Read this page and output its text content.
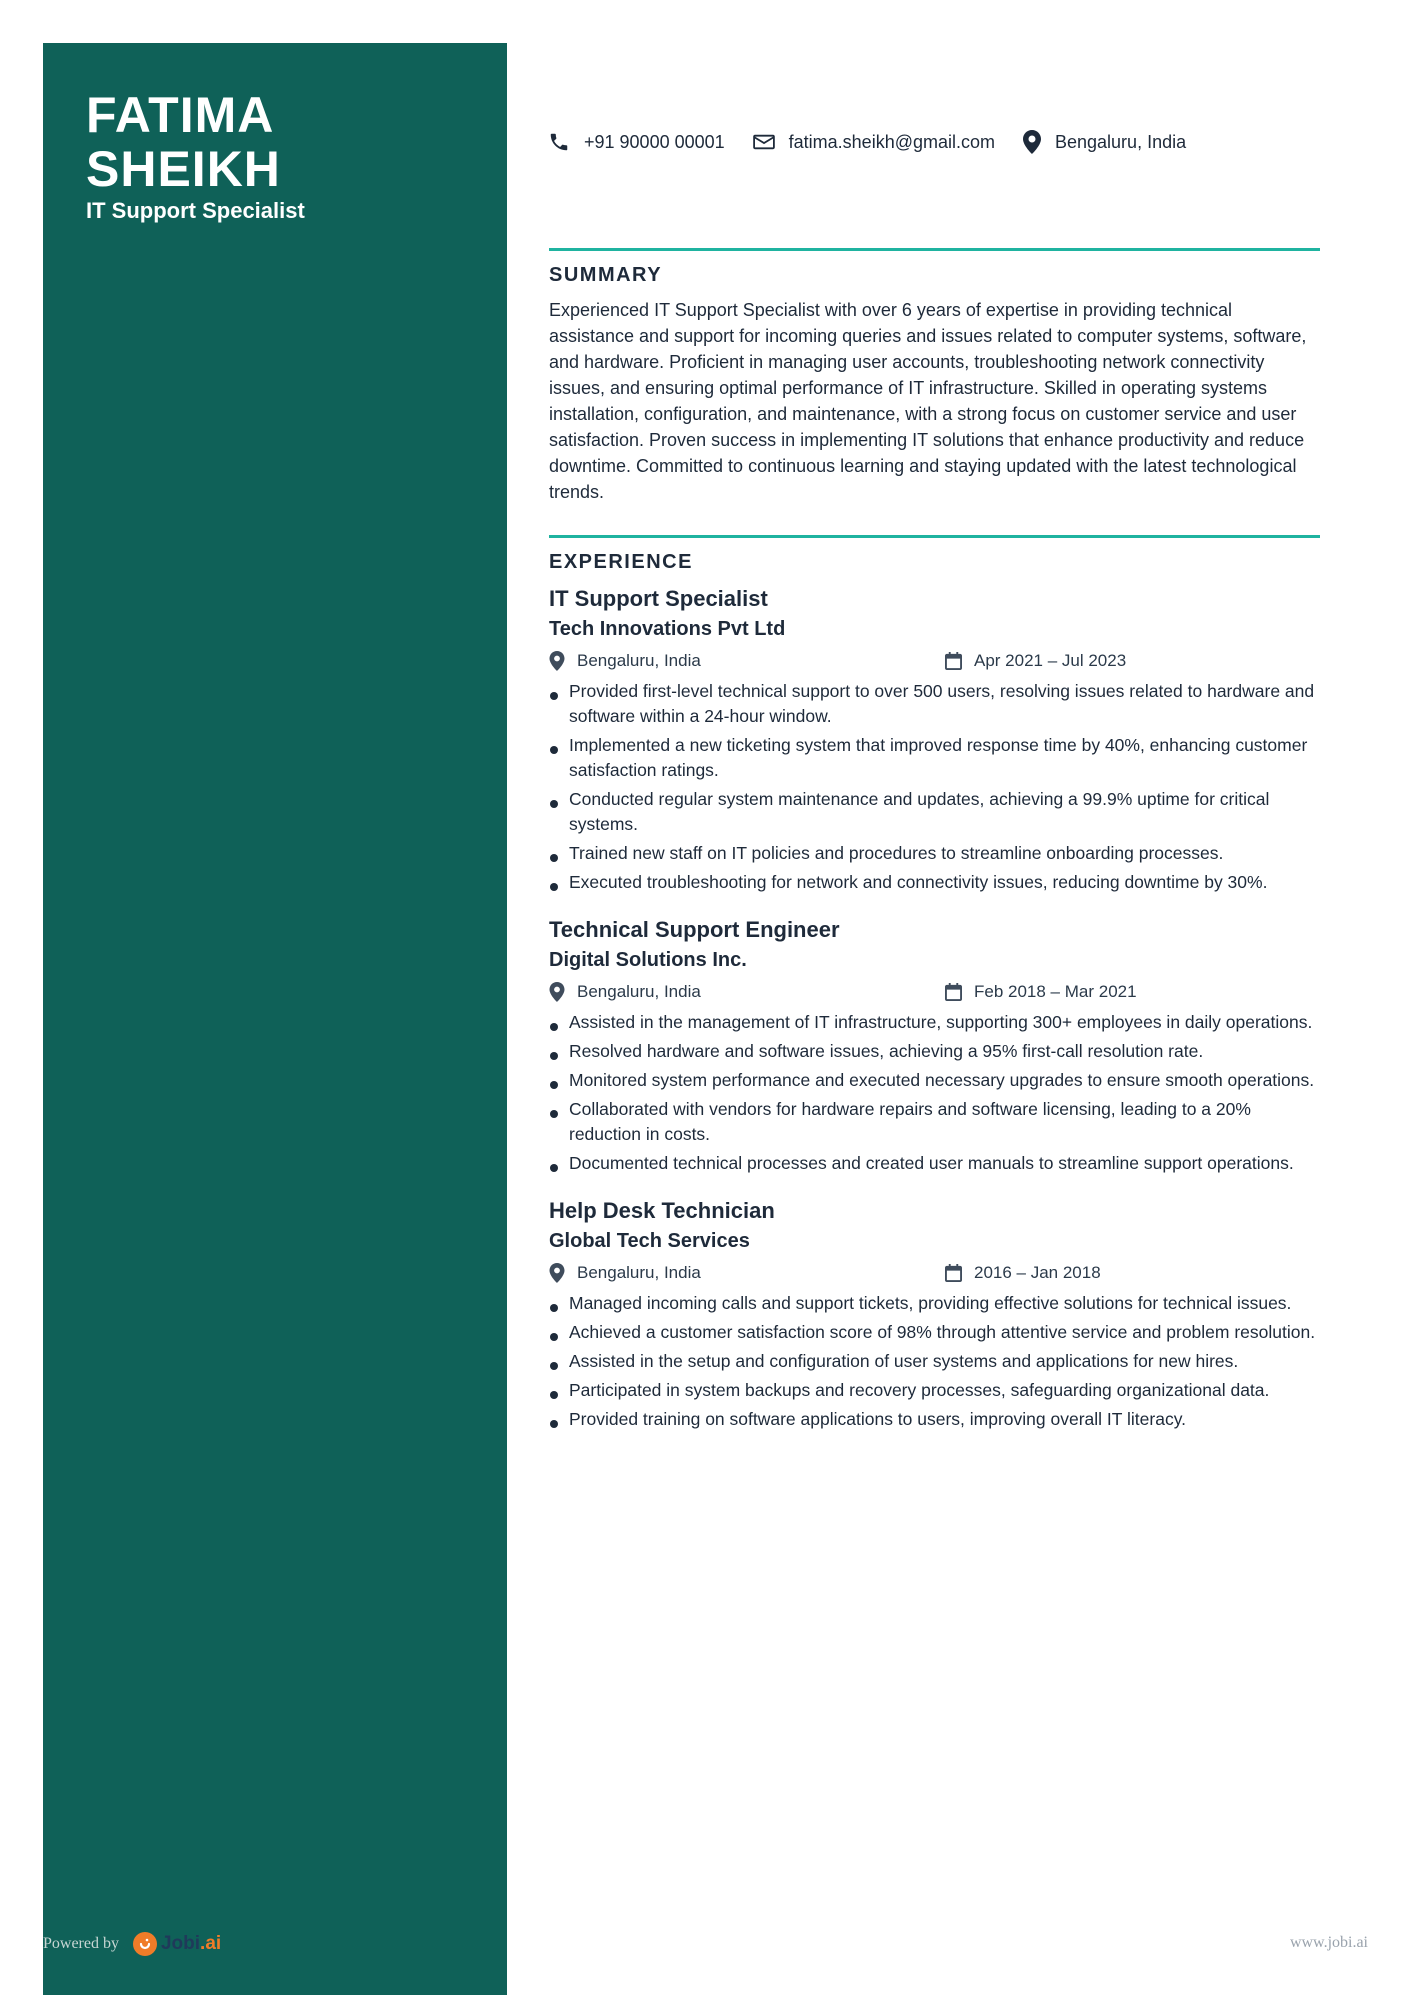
FATIMA
SHEIKH
IT Support Specialist
+91 90000 00001	fatima.sheikh@gmail.com	Bengaluru, India
SUMMARY

Experienced IT Support Specialist with over 6 years of expertise in providing technical assistance and support for incoming queries and issues related to computer systems, software, and hardware. Proficient in managing user accounts, troubleshooting network connectivity issues, and ensuring optimal performance of IT infrastructure. Skilled in operating systems installation, configuration, and maintenance, with a strong focus on customer service and user satisfaction. Proven success in implementing IT solutions that enhance productivity and reduce downtime. Committed to continuous learning and staying updated with the latest technological trends.

EXPERIENCE
IT Support Specialist
Tech Innovations Pvt Ltd
Bengaluru, India	Apr 2021 – Jul 2023
Provided first-level technical support to over 500 users, resolving issues related to hardware and software within a 24-hour window.
Implemented a new ticketing system that improved response time by 40%, enhancing customer satisfaction ratings.
Conducted regular system maintenance and updates, achieving a 99.9% uptime for critical systems.
Trained new staff on IT policies and procedures to streamline onboarding processes.
Executed troubleshooting for network and connectivity issues, reducing downtime by 30%.
Technical Support Engineer
Digital Solutions Inc.
Bengaluru, India	Feb 2018 – Mar 2021
Assisted in the management of IT infrastructure, supporting 300+ employees in daily operations.
Resolved hardware and software issues, achieving a 95% first-call resolution rate.
Monitored system performance and executed necessary upgrades to ensure smooth operations.
Collaborated with vendors for hardware repairs and software licensing, leading to a 20% reduction in costs.
Documented technical processes and created user manuals to streamline support operations.
Help Desk Technician
Global Tech Services
Bengaluru, India	2016 – Jan 2018
Managed incoming calls and support tickets, providing effective solutions for technical issues.
Achieved a customer satisfaction score of 98% through attentive service and problem resolution.
Assisted in the setup and configuration of user systems and applications for new hires.
Participated in system backups and recovery processes, safeguarding organizational data.
Provided training on software applications to users, improving overall IT literacy.
Powered by Jobi.ai	www.jobi.ai
